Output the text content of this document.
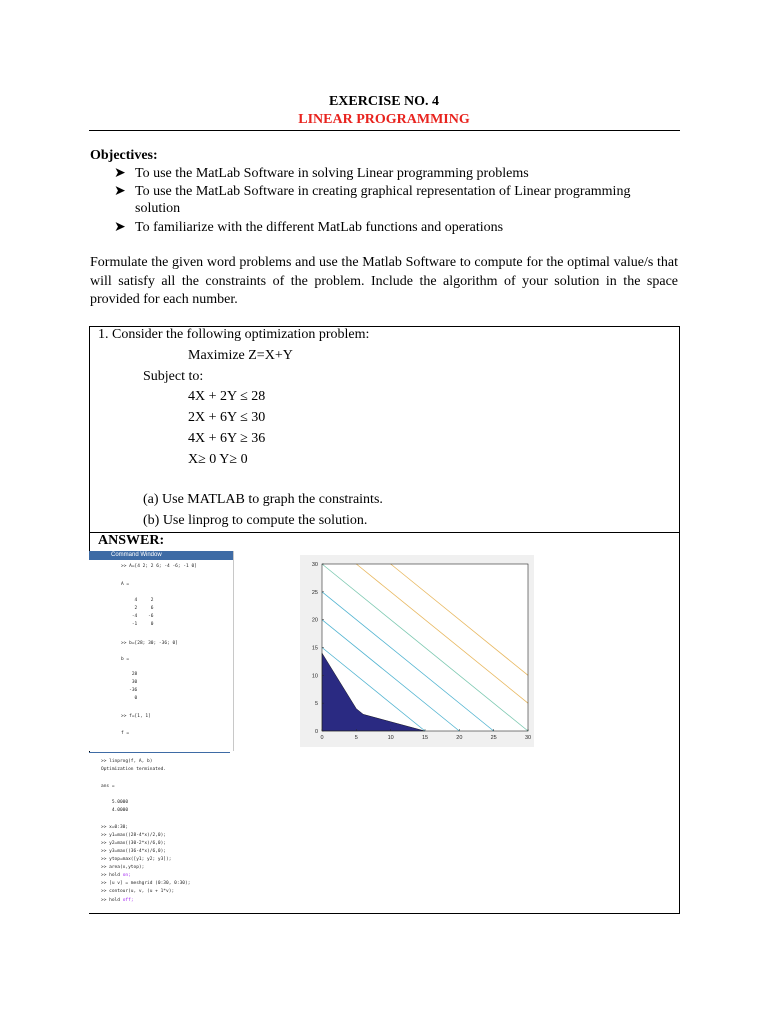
EXERCISE NO. 4
LINEAR PROGRAMMING
Objectives:
➤ To use the MatLab Software in solving Linear programming problems
➤ To use the MatLab Software in creating graphical representation of Linear programming
solution
➤ To familiarize with the different MatLab functions and operations
Formulate the given word problems and use the Matlab Software to compute for the optimal value/s that will satisfy all the constraints of the problem. Include the algorithm of your solution in the space provided for each number.
1. Consider the following optimization problem:
Maximize Z=X+Y
Subject to:
4X + 2Y ≤ 28
2X + 6Y ≤ 30
4X + 6Y ≥ 36
X≥ 0 Y≥ 0
(a) Use MATLAB to graph the constraints.
(b) Use linprog to compute the solution.
ANSWER:
Command Window
>> A=[4 2; 2 6; -4 -6; -1 0]
A =
4     2
2     6
-4    -6
-1     0
>> b=[28; 30; -36; 0]
b =
28
30
-36
0
>> f=[1, 1]
f =
>> linprog(f, A, b)
Optimization terminated.
ans =
5.0000
4.0000
>> x=0:30;
>> y1=max((28-4*x)/2,0);
>> y2=max((30-2*x)/6,0);
>> y3=max((36-4*x)/6,0);
>> ytop=max([y1; y2; y3]);
>> area(x,ytop);
>> hold on;
>> [u v] = meshgrid (0:30, 0:30);
>> contour(u, v, (u + 1*v);
>> hold off;
0	5	10	15	20	25	30
0
5
10
15
20
25
30
